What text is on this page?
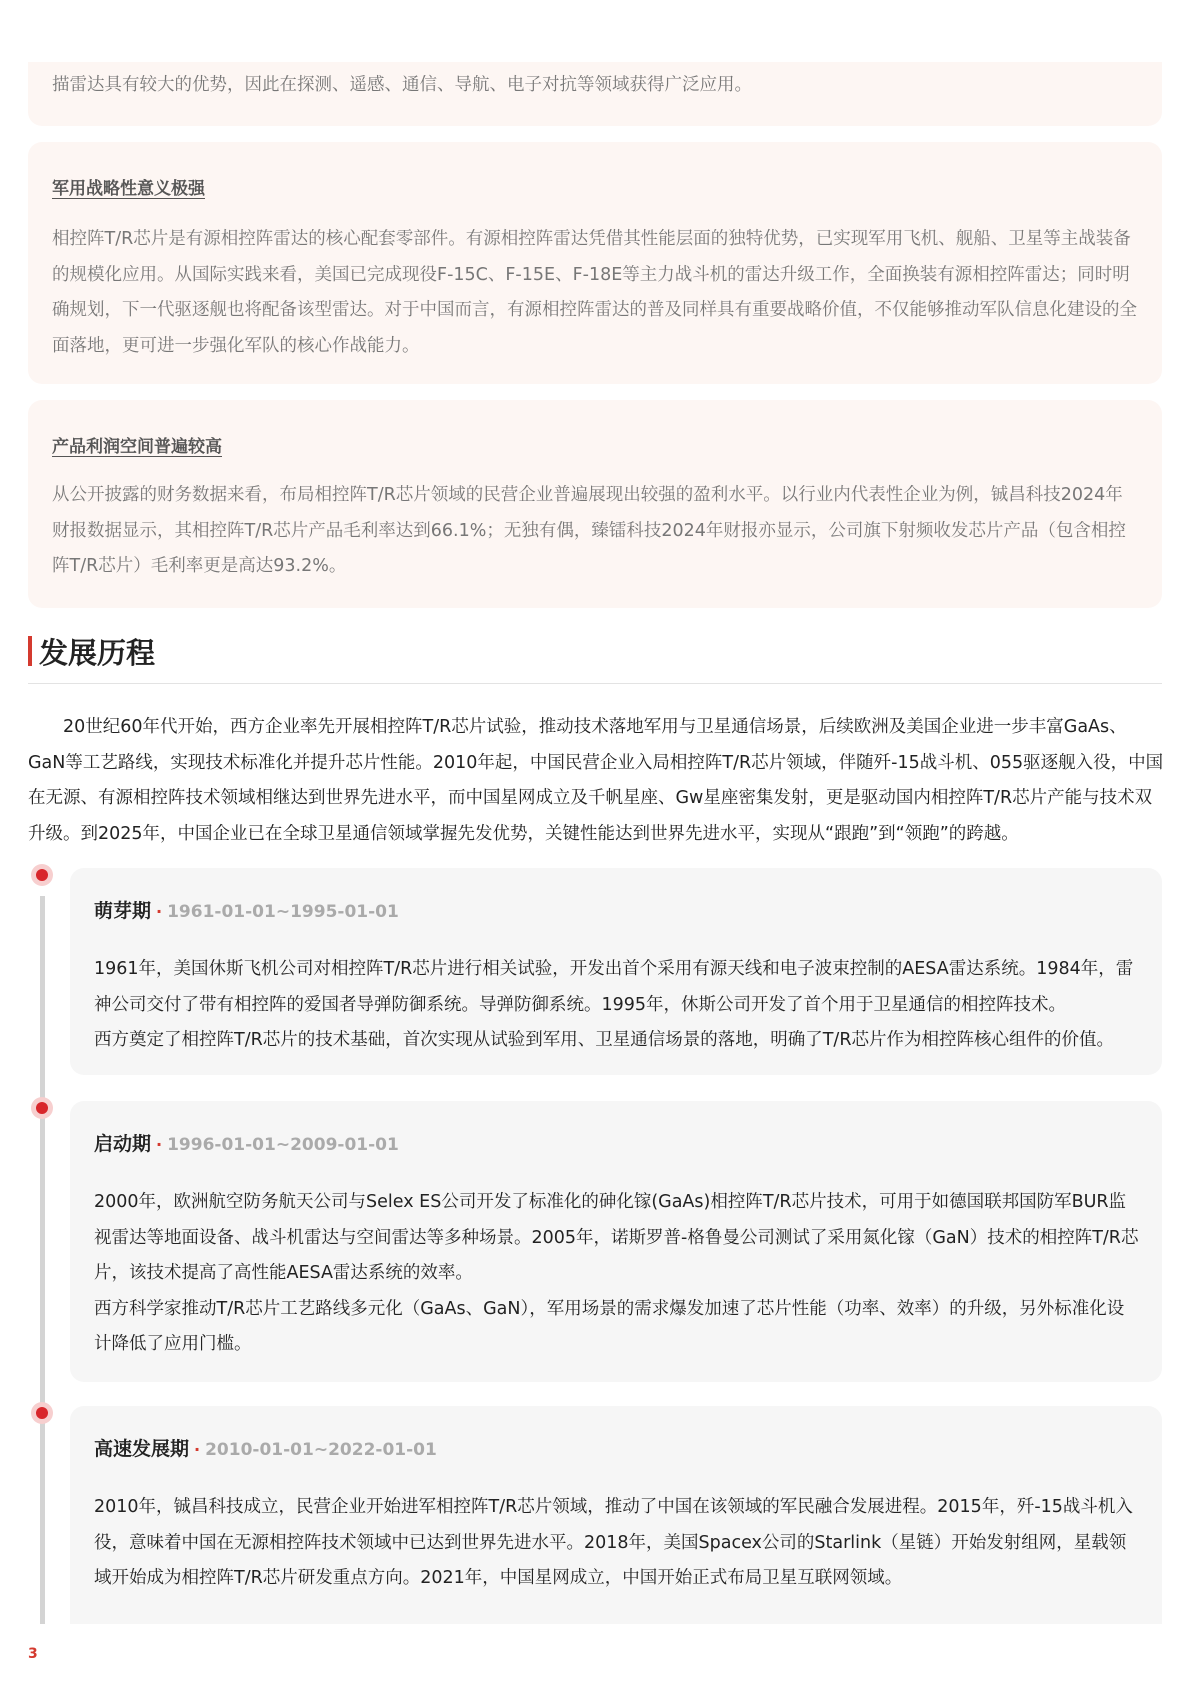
描雷达具有较大的优势，因此在探测、遥感、通信、导航、电子对抗等领域获得广泛应用。

军用战略性意义极强

相控阵T/R芯片是有源相控阵雷达的核心配套零部件。有源相控阵雷达凭借其性能层面的独特优势，已实现军用飞机、舰船、卫星等主战装备的规模化应用。从国际实践来看，美国已完成现役F-15C、F-15E、F-18E等主力战斗机的雷达升级工作，全面换装有源相控阵雷达；同时明确规划，下一代驱逐舰也将配备该型雷达。对于中国而言，有源相控阵雷达的普及同样具有重要战略价值，不仅能够推动军队信息化建设的全面落地，更可进一步强化军队的核心作战能力。

产品利润空间普遍较高

从公开披露的财务数据来看，布局相控阵T/R芯片领域的民营企业普遍展现出较强的盈利水平。以行业内代表性企业为例，铖昌科技2024年财报数据显示，其相控阵T/R芯片产品毛利率达到66.1%；无独有偶，臻镭科技2024年财报亦显示，公司旗下射频收发芯片产品（包含相控阵T/R芯片）毛利率更是高达93.2%。

发展历程

20世纪60年代开始，西方企业率先开展相控阵T/R芯片试验，推动技术落地军用与卫星通信场景，后续欧洲及美国企业进一步丰富GaAs、GaN等工艺路线，实现技术标准化并提升芯片性能。2010年起，中国民营企业入局相控阵T/R芯片领域，伴随歼-15战斗机、055驱逐舰入役，中国在无源、有源相控阵技术领域相继达到世界先进水平，而中国星网成立及千帆星座、Gw星座密集发射，更是驱动国内相控阵T/R芯片产能与技术双升级。到2025年，中国企业已在全球卫星通信领域掌握先发优势，关键性能达到世界先进水平，实现从“跟跑”到“领跑”的跨越。

萌芽期 · 1961-01-01~1995-01-01

1961年，美国休斯飞机公司对相控阵T/R芯片进行相关试验，开发出首个采用有源天线和电子波束控制的AESA雷达系统。1984年，雷神公司交付了带有相控阵的爱国者导弹防御系统。导弹防御系统。1995年，休斯公司开发了首个用于卫星通信的相控阵技术。

西方奠定了相控阵T/R芯片的技术基础，首次实现从试验到军用、卫星通信场景的落地，明确了T/R芯片作为相控阵核心组件的价值。

启动期 · 1996-01-01~2009-01-01

2000年，欧洲航空防务航天公司与Selex ES公司开发了标准化的砷化镓(GaAs)相控阵T/R芯片技术，可用于如德国联邦国防军BUR监视雷达等地面设备、战斗机雷达与空间雷达等多种场景。2005年，诺斯罗普-格鲁曼公司测试了采用氮化镓（GaN）技术的相控阵T/R芯片，该技术提高了高性能AESA雷达系统的效率。

西方科学家推动T/R芯片工艺路线多元化（GaAs、GaN），军用场景的需求爆发加速了芯片性能（功率、效率）的升级，另外标准化设计降低了应用门槛。

高速发展期 · 2010-01-01~2022-01-01

2010年，铖昌科技成立，民营企业开始进军相控阵T/R芯片领域，推动了中国在该领域的军民融合发展进程。2015年，歼-15战斗机入役，意味着中国在无源相控阵技术领域中已达到世界先进水平。2018年，美国Spacex公司的Starlink（星链）开始发射组网，星载领域开始成为相控阵T/R芯片研发重点方向。2021年，中国星网成立，中国开始正式布局卫星互联网领域。

3
